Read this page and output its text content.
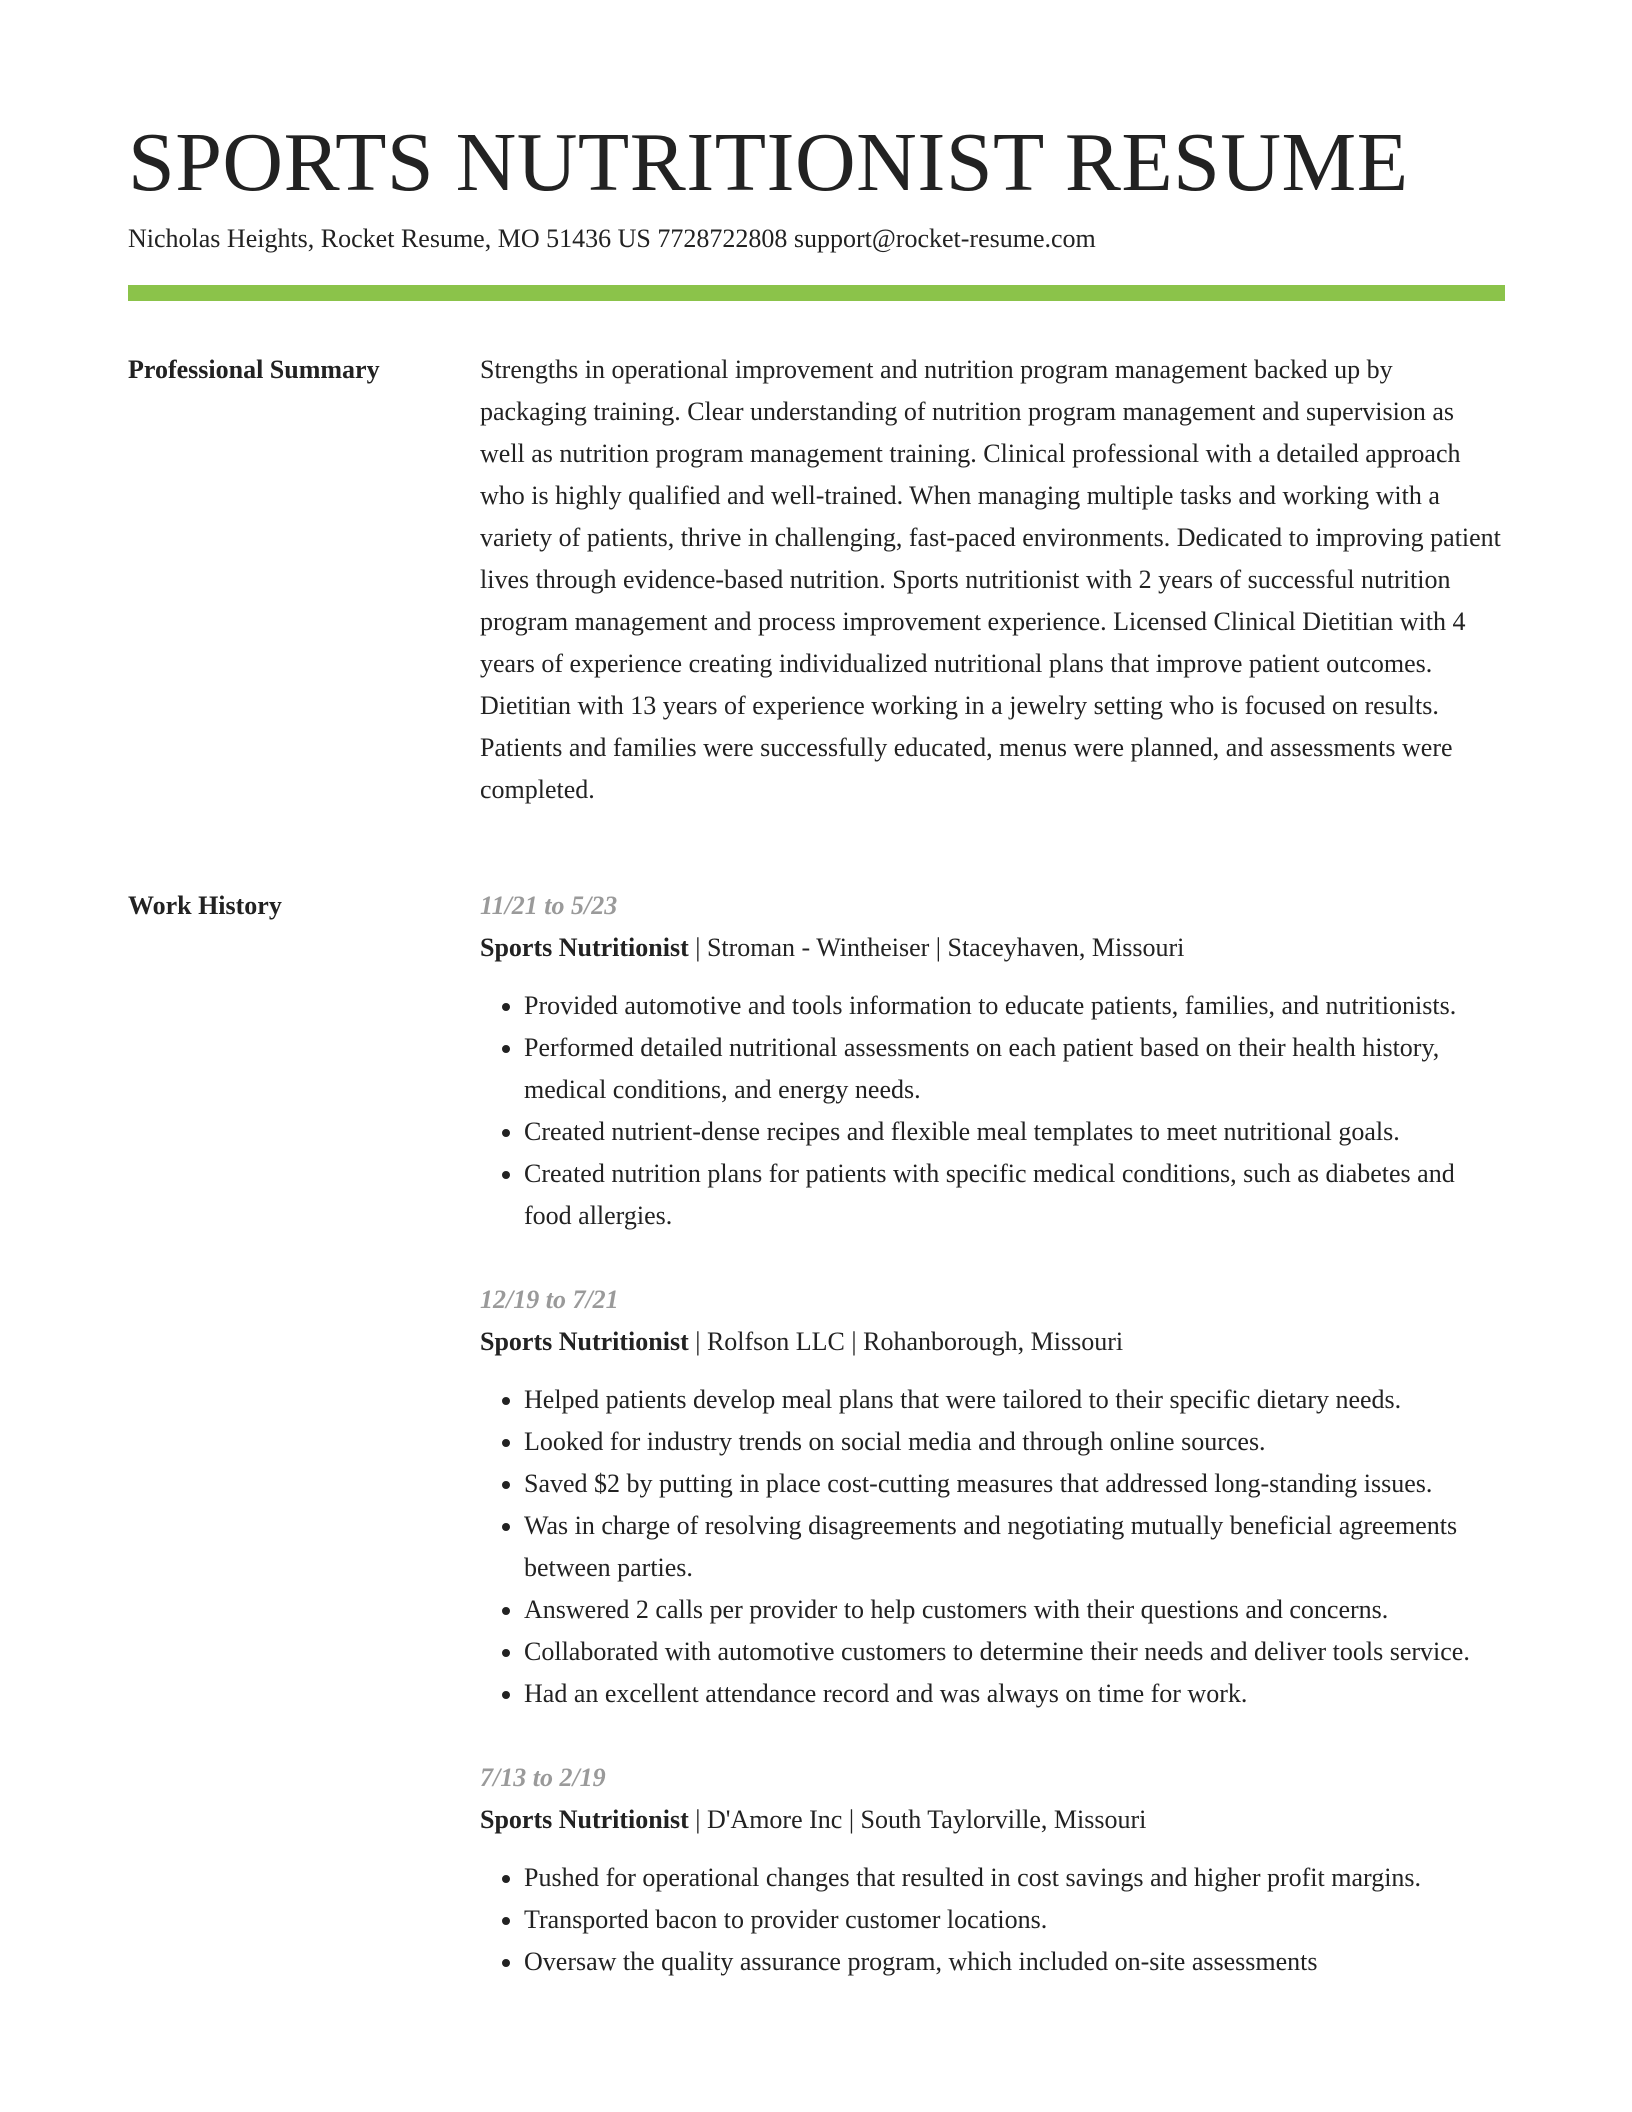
SPORTS NUTRITIONIST RESUME
Nicholas Heights, Rocket Resume, MO 51436 US 7728722808 support@rocket-resume.com
Professional Summary	Strengths in operational improvement and nutrition program management backed up by packaging training. Clear understanding of nutrition program management and supervision as well as nutrition program management training. Clinical professional with a detailed approach who is highly qualified and well-trained. When managing multiple tasks and working with a variety of patients, thrive in challenging, fast-paced environments. Dedicated to improving patient lives through evidence-based nutrition. Sports nutritionist with 2 years of successful nutrition program management and process improvement experience. Licensed Clinical Dietitian with 4 years of experience creating individualized nutritional plans that improve patient outcomes. Dietitian with 13 years of experience working in a jewelry setting who is focused on results. Patients and families were successfully educated, menus were planned, and assessments were completed.

Work History	11/21 to 5/23

Sports Nutritionist | Stroman - Wintheiser | Staceyhaven, Missouri

• Provided automotive and tools information to educate patients, families, and nutritionists.
• Performed detailed nutritional assessments on each patient based on their health history, medical conditions, and energy needs.
• Created nutrient-dense recipes and flexible meal templates to meet nutritional goals.
• Created nutrition plans for patients with specific medical conditions, such as diabetes and food allergies.

12/19 to 7/21

Sports Nutritionist | Rolfson LLC | Rohanborough, Missouri

• Helped patients develop meal plans that were tailored to their specific dietary needs.
• Looked for industry trends on social media and through online sources.
• Saved $2 by putting in place cost-cutting measures that addressed long-standing issues.
• Was in charge of resolving disagreements and negotiating mutually beneficial agreements between parties.
• Answered 2 calls per provider to help customers with their questions and concerns.
• Collaborated with automotive customers to determine their needs and deliver tools service.
• Had an excellent attendance record and was always on time for work.

7/13 to 2/19

Sports Nutritionist | D'Amore Inc | South Taylorville, Missouri

• Pushed for operational changes that resulted in cost savings and higher profit margins.
• Transported bacon to provider customer locations.
• Oversaw the quality assurance program, which included on-site assessments
